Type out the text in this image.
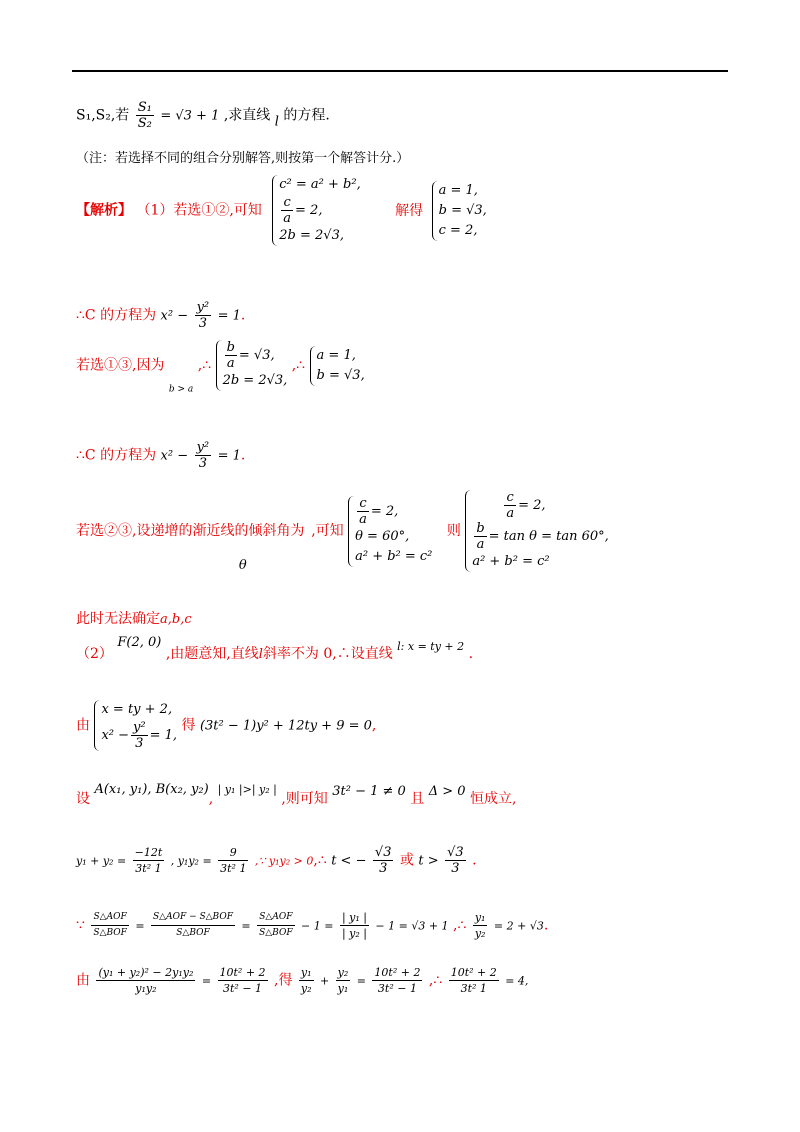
S₁,S₂,若 $\frac{\text{S₁}}{\text{S₂}} = √3 + 1$ ,求直线 l 的方程.
（注：若选择不同的组合分别解答,则按第一个解答计分.）
【解析】 （1）若选①②,可知
c² = a² + b²,
$\frac{c}{a} = 2$,
2b = 2√3,
解得
a = 1,
b = √3,
c = 2,
∴C 的方程为 $x^2 - \frac{\text{y²}}{3} = 1$.
若选①③,因为 $_{b > a}$ ,∴ $\frac{b}{a} = √3$,
2b = 2√3,
,∴
a = 1,
b = √3,
∴C 的方程为 $x^2 - \frac{\text{y²}}{3} = 1$.
若选②③,设递增的渐近线的倾斜角为 θ ,可知
$\frac{c}{a} = 2$,
θ = 60°,
a² + b² = c²
则
$\frac{c}{a} = 2$,
$\frac{b}{a} = \tan \theta = \tan 60^\circ$,
a² + b² = c²
此时无法确定a,b,c
（2） F(2, 0) ,由题意知,直线l斜率不为 0,∴设直线 $^{l: x = ty + 2}$ .
由
x = ty + 2,
$x^2 - \frac{\text{y²}}{3} = 1$,
得 (3t² − 1)y² + 12ty + 9 = 0,
设 A(x₁, y₁), B(x₂, y₂), $^{| y_1 |>| y_2 |}$ ,则可知 3t² − 1 ≠ 0 且 Δ > 0 恒成立,
$y_1 + y_2 = \frac{-12t}{\text{3t² 1}}$ , $y_1y_2 = \frac{9}{\text{3t² 1}}$ ,∵ y₁y₂ > 0,∴ t < − $\frac{√3}{3}$ 或 $t > \frac{√3}{3}$ .
∵ $\frac{\text{S△AOF}}{\text{S△BOF}} = \frac{\text{S△AOF − S△BOF}}{\text{S△BOF}} = \frac{\text{S△AOF}}{\text{S△BOF}} - 1 = \frac{\text{| y₁ |}}{\text{| y₂ |}} - 1 = √3 + 1$ ,∴ $\frac{\text{y₁}}{\text{y₂}} = 2 + √3$.
由 $\frac{\text{(y₁ + y₂)² − 2y₁y₂}}{\text{y₁y₂}} = \frac{\text{10t² + 2}}{\text{3t² − 1}}$ ,得 $\frac{\text{y₁}}{\text{y₂}} + \frac{\text{y₂}}{\text{y₁}} = \frac{\text{10t² + 2}}{\text{3t² − 1}}$ ,∴ $\frac{\text{10t² + 2}}{\text{3t² 1}} = 4$,
